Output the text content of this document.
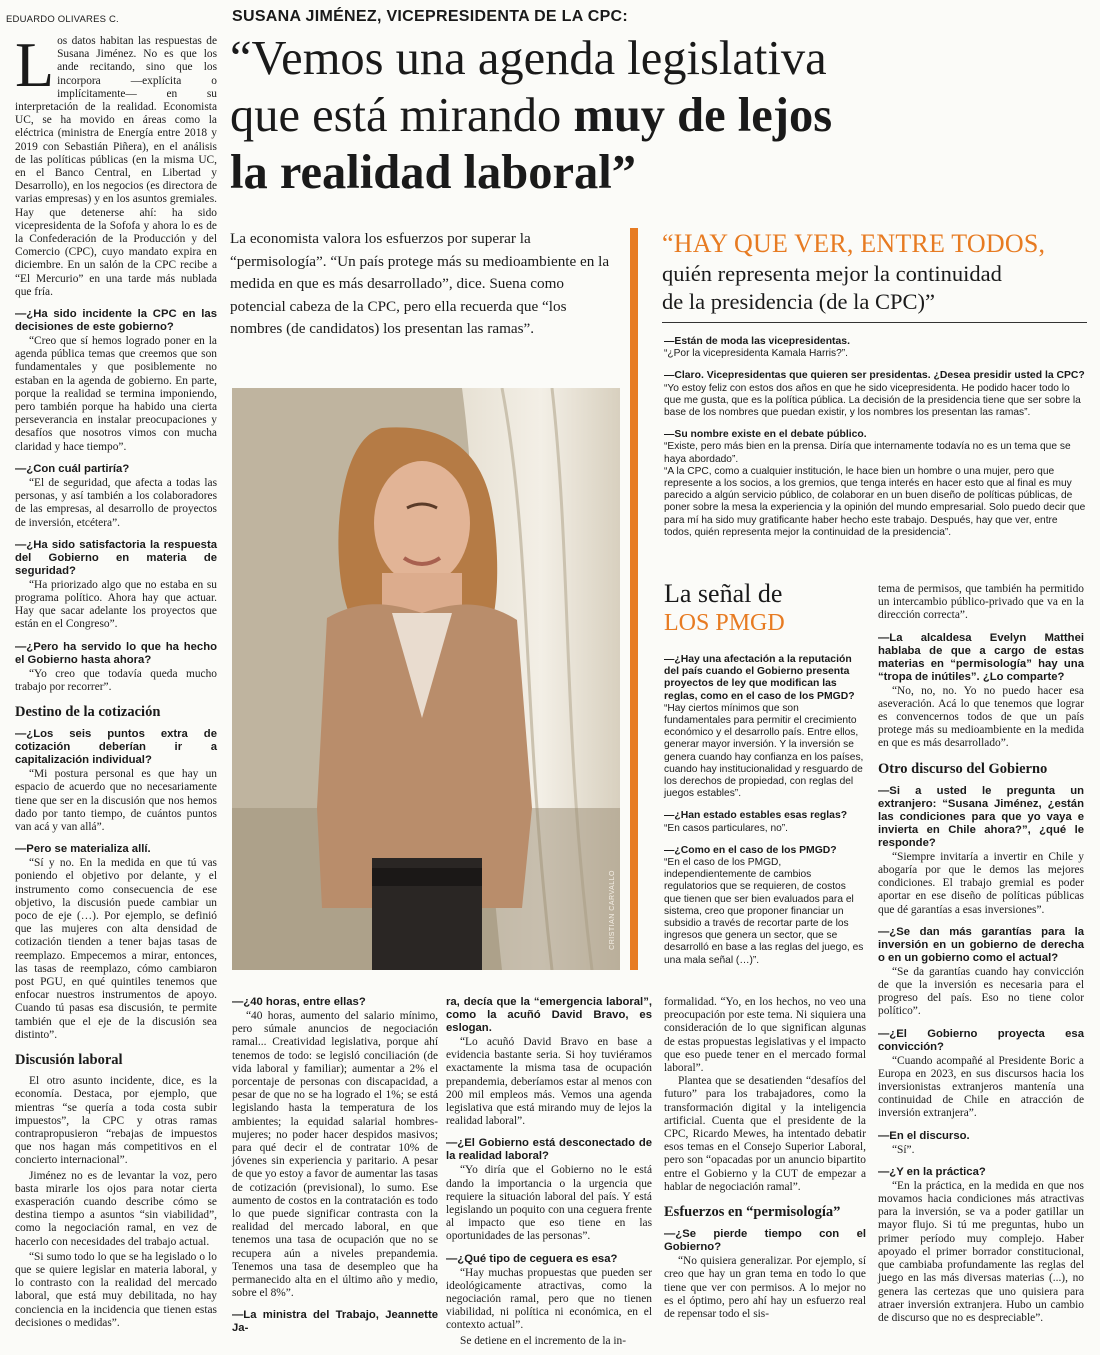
EDUARDO OLIVARES C.	SUSANA JIMÉNEZ, VICEPRESIDENTA DE LA CPC:
“Vemos una agenda legislativa
que está mirando muy de lejos
la realidad laboral”
L os datos habitan las respuestas de Susana Jiménez. No es que los ande recitando, sino que los incorpora —explícita o implícitamente— en su interpretación de la realidad. Economista UC, se ha movido en áreas como la eléctrica (ministra de Energía entre 2018 y 2019 con Sebastián Piñera), en el análisis de las políticas públicas (en la misma UC, en el Banco Central, en Libertad y Desarrollo), en los negocios (es directora de varias empresas) y en los asuntos gremiales. Hay que detenerse ahí: ha sido vicepresidenta de la Sofofa y ahora lo es de la Confederación de la Producción y del Comercio (CPC), cuyo mandato expira en diciembre. En un salón de la CPC recibe a “El Mercurio” en una tarde más nublada que fría.
—¿Ha sido incidente la CPC en las decisiones de este gobierno?

“Creo que sí hemos logrado poner en la agenda pública temas que creemos que son fundamentales y que posiblemente no estaban en la agenda de gobierno. En parte, porque la realidad se termina imponiendo, pero también porque ha habido una cierta perseverancia en instalar preocupaciones y desafíos que nosotros vimos con mucha claridad y hace tiempo”.

—¿Con cuál partiría?

“El de seguridad, que afecta a todas las personas, y así también a los colaboradores de las empresas, al desarrollo de proyectos de inversión, etcétera”.

—¿Ha sido satisfactoria la respuesta del Gobierno en materia de seguridad?

“Ha priorizado algo que no estaba en su programa político. Ahora hay que actuar. Hay que sacar adelante los proyectos que están en el Congreso”.

—¿Pero ha servido lo que ha hecho el Gobierno hasta ahora?

“Yo creo que todavía queda mucho trabajo por recorrer”.

Destino de la cotización
—¿Los seis puntos extra de cotización deberían ir a capitalización individual?

“Mi postura personal es que hay un espacio de acuerdo que no necesariamente tiene que ser en la discusión que nos hemos dado por tanto tiempo, de cuántos puntos van acá y van allá”.

—Pero se materializa allí.

“Sí y no. En la medida en que tú vas poniendo el objetivo por delante, y el instrumento como consecuencia de ese objetivo, la discusión puede cambiar un poco de eje (…). Por ejemplo, se definió que las mujeres con alta densidad de cotización tienden a tener bajas tasas de reemplazo. Empecemos a mirar, entonces, las tasas de reemplazo, cómo cambiaron post PGU, en qué quintiles tenemos que enfocar nuestros instrumentos de apoyo. Cuando tú pasas esa discusión, te permite también que el eje de la discusión sea distinto”.

Discusión laboral

El otro asunto incidente, dice, es la economía. Destaca, por ejemplo, que mientras “se quería a toda costa subir impuestos”, la CPC y otras ramas contrapropusieron “rebajas de impuestos que nos hagan más competitivos en el concierto internacional”.

Jiménez no es de levantar la voz, pero basta mirarle los ojos para notar cierta exasperación cuando describe cómo se destina tiempo a asuntos “sin viabilidad”, como la negociación ramal, en vez de hacerlo con necesidades del trabajo actual.

“Si sumo todo lo que se ha legislado o lo que se quiere legislar en materia laboral, y lo contrasto con la realidad del mercado laboral, que está muy debilitada, no hay conciencia en la incidencia que tienen estas decisiones o medidas”.

La economista valora los esfuerzos por superar la “permisología”. “Un país protege más su medioambiente en la medida en que es más desarrollado”, dice. Suena como potencial cabeza de la CPC, pero ella recuerda que “los nombres (de candidatos) los presentan las ramas”.
CRISTIAN CARVALLO
“HAY QUE VER, ENTRE TODOS,
quién representa mejor la continuidad
de la presidencia (de la CPC)”
—Están de moda las vicepresidentas.
“¿Por la vicepresidenta Kamala Harris?”.
—Claro. Vicepresidentas que quieren ser presidentas. ¿Desea presidir usted la CPC?
“Yo estoy feliz con estos dos años en que he sido vicepresidenta. He podido hacer todo lo que me gusta, que es la política pública. La decisión de la presidencia tiene que ser sobre la base de los nombres que puedan existir, y los nombres los presentan las ramas”.
—Su nombre existe en el debate público.
“Existe, pero más bien en la prensa. Diría que internamente todavía no es un tema que se haya abordado”.
“A la CPC, como a cualquier institución, le hace bien un hombre o una mujer, pero que represente a los socios, a los gremios, que tenga interés en hacer esto que al final es muy parecido a algún servicio público, de colaborar en un buen diseño de políticas públicas, de poner sobre la mesa la experiencia y la opinión del mundo empresarial. Solo puedo decir que para mí ha sido muy gratificante haber hecho este trabajo. Después, hay que ver, entre todos, quién representa mejor la continuidad de la presidencia”.
La señal de
LOS PMGD
—¿Hay una afectación a la reputación del país cuando el Gobierno presenta proyectos de ley que modifican las reglas, como en el caso de los PMGD?
“Hay ciertos mínimos que son fundamentales para permitir el crecimiento económico y el desarrollo país. Entre ellos, generar mayor inversión. Y la inversión se genera cuando hay confianza en los países, cuando hay institucionalidad y resguardo de los derechos de propiedad, con reglas del juegos estables”.
—¿Han estado estables esas reglas?
“En casos particulares, no”.
—¿Como en el caso de los PMGD?
“En el caso de los PMGD, independientemente de cambios regulatorios que se requieren, de costos que tienen que ser bien evaluados para el sistema, creo que proponer financiar un subsidio a través de recortar parte de los ingresos que genera un sector, que se desarrolló en base a las reglas del juego, es una mala señal (…)”.
tema de permisos, que también ha permitido un intercambio público-privado que va en la dirección correcta”.
—La alcaldesa Evelyn Matthei hablaba de que a cargo de estas materias en “permisología” hay una “tropa de inútiles”. ¿Lo comparte?

“No, no, no. Yo no puedo hacer esa aseveración. Acá lo que tenemos que lograr es convencernos todos de que un país protege más su medioambiente en la medida en que es más desarrollado”.

Otro discurso del Gobierno
—Si a usted le pregunta un extranjero: “Susana Jiménez, ¿están las condiciones para que yo vaya e invierta en Chile ahora?”, ¿qué le responde?

“Siempre invitaría a invertir en Chile y abogaría por que le demos las mejores condiciones. El trabajo gremial es poder aportar en ese diseño de políticas públicas que dé garantías a esas inversiones”.

—¿Se dan más garantías para la inversión en un gobierno de derecha o en un gobierno como el actual?

“Se da garantías cuando hay convicción de que la inversión es necesaria para el progreso del país. Eso no tiene color político”.

—¿El Gobierno proyecta esa convicción?

“Cuando acompañé al Presidente Boric a Europa en 2023, en sus discursos hacia los inversionistas extranjeros mantenía una continuidad de Chile en atracción de inversión extranjera”.

—En el discurso.

“Sí”.

—¿Y en la práctica?

“En la práctica, en la medida en que nos movamos hacia condiciones más atractivas para la inversión, se va a poder gatillar un mayor flujo. Si tú me preguntas, hubo un primer período muy complejo. Haber apoyado el primer borrador constitucional, que cambiaba profundamente las reglas del juego en las más diversas materias (...), no genera las certezas que uno quisiera para atraer inversión extranjera. Hubo un cambio de discurso que no es despreciable”.

—¿40 horas, entre ellas?

“40 horas, aumento del salario mínimo, pero súmale anuncios de negociación ramal... Creatividad legislativa, porque ahí tenemos de todo: se legisló conciliación (de vida laboral y familiar); aumentar a 2% el porcentaje de personas con discapacidad, a pesar de que no se ha logrado el 1%; se está legislando hasta la temperatura de los ambientes; la equidad salarial hombres-mujeres; no poder hacer despidos masivos; para qué decir el de contratar 10% de jóvenes sin experiencia y paritario. A pesar de que yo estoy a favor de aumentar las tasas de cotización (previsional), lo sumo. Ese aumento de costos en la contratación es todo lo que puede significar contrasta con la realidad del mercado laboral, en que tenemos una tasa de ocupación que no se recupera aún a niveles prepandemia. Tenemos una tasa de desempleo que ha permanecido alta en el último año y medio, sobre el 8%”.

—La ministra del Trabajo, Jeannette Ja-
ra, decía que la “emergencia laboral”, como la acuñó David Bravo, es eslogan.

“Lo acuñó David Bravo en base a evidencia bastante seria. Si hoy tuviéramos exactamente la misma tasa de ocupación prepandemia, deberíamos estar al menos con 200 mil empleos más. Vemos una agenda legislativa que está mirando muy de lejos la realidad laboral”.

—¿El Gobierno está desconectado de la realidad laboral?

“Yo diría que el Gobierno no le está dando la importancia o la urgencia que requiere la situación laboral del país. Y está legislando un poquito con una ceguera frente al impacto que eso tiene en las oportunidades de las personas”.

—¿Qué tipo de ceguera es esa?

“Hay muchas propuestas que pueden ser ideológicamente atractivas, como la negociación ramal, pero que no tienen viabilidad, ni política ni económica, en el contexto actual”.

Se detiene en el incremento de la in-

formalidad. “Yo, en los hechos, no veo una preocupación por este tema. Ni siquiera una consideración de lo que significan algunas de estas propuestas legislativas y el impacto que eso puede tener en el mercado formal laboral”.

Plantea que se desatienden “desafíos del futuro” para los trabajadores, como la transformación digital y la inteligencia artificial. Cuenta que el presidente de la CPC, Ricardo Mewes, ha intentado debatir esos temas en el Consejo Superior Laboral, pero son “opacadas por un anuncio bipartito entre el Gobierno y la CUT de empezar a hablar de negociación ramal”.

Esfuerzos en “permisología”
—¿Se pierde tiempo con el Gobierno?

“No quisiera generalizar. Por ejemplo, sí creo que hay un gran tema en todo lo que tiene que ver con permisos. A lo mejor no es el óptimo, pero ahí hay un esfuerzo real de repensar todo el sis-
